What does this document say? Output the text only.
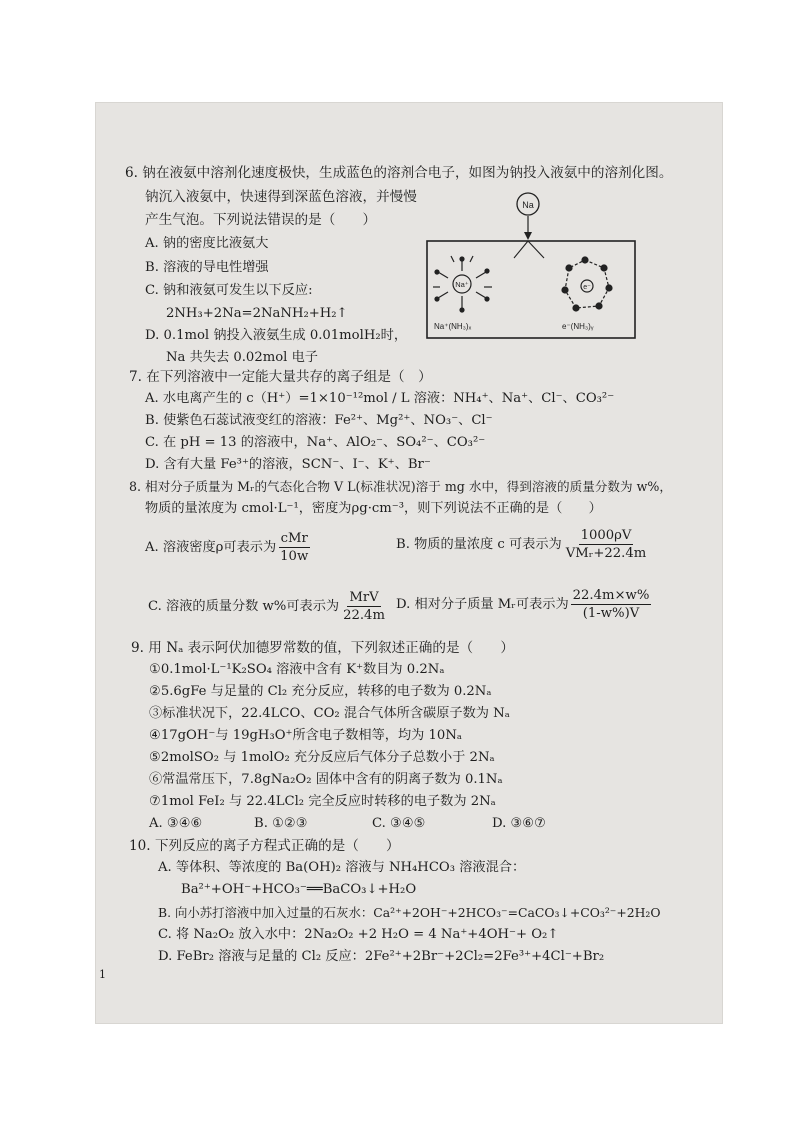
6. 钠在液氨中溶剂化速度极快，生成蓝色的溶剂合电子，如图为钠投入液氨中的溶剂化图。
钠沉入液氨中，快速得到深蓝色溶液，并慢慢
产生气泡。下列说法错误的是（　　）
A. 钠的密度比液氨大
B. 溶液的导电性增强
C. 钠和液氨可发生以下反应:
2NH₃+2Na=2NaNH₂+H₂↑
D. 0.1mol 钠投入液氨生成 0.01molH₂时，
Na 共失去 0.02mol 电子
Na
Na⁺
Na⁺(NH₃)ₓ
e⁻
e⁻(NH₃)ᵧ
7. 在下列溶液中一定能大量共存的离子组是（　）
A. 水电离产生的 c（H⁺）=1×10⁻¹²mol / L 溶液：NH₄⁺、Na⁺、Cl⁻、CO₃²⁻
B. 使紫色石蕊试液变红的溶液：Fe²⁺、Mg²⁺、NO₃⁻、Cl⁻
C. 在 pH = 13 的溶液中，Na⁺、AlO₂⁻、SO₄²⁻、CO₃²⁻
D. 含有大量 Fe³⁺的溶液，SCN⁻、I⁻、K⁺、Br⁻
8. 相对分子质量为 Mᵣ的气态化合物 V L(标准状况)溶于 mg 水中，得到溶液的质量分数为 w%，
物质的量浓度为 cmol·L⁻¹，密度为ρg·cm⁻³，则下列说法不正确的是（　　）
A. 溶液密度ρ可表示为 $\frac{\text{cMr}}{10w}$	B. 物质的量浓度 c 可表示为 $\frac{1000\rho V}{\text{VMᵣ+22.4m}}$
C. 溶液的质量分数 w%可表示为 $\frac{\text{MrV}}{22.4m} D$. 相对分子质量 Mᵣ可表示为 $\frac{22.4m\times w\%}{(1-w\%)V}$
9. 用 Nₐ 表示阿伏加德罗常数的值，下列叙述正确的是（　　）
①0.1mol·L⁻¹K₂SO₄ 溶液中含有 K⁺数目为 0.2Nₐ
②5.6gFe 与足量的 Cl₂ 充分反应，转移的电子数为 0.2Nₐ
③标准状况下，22.4LCO、CO₂ 混合气体所含碳原子数为 Nₐ
④17gOH⁻与 19gH₃O⁺所含电子数相等，均为 10Nₐ
⑤2molSO₂ 与 1molO₂ 充分反应后气体分子总数小于 2Nₐ
⑥常温常压下，7.8gNa₂O₂ 固体中含有的阴离子数为 0.1Nₐ
⑦1mol FeI₂ 与 22.4LCl₂ 完全反应时转移的电子数为 2Nₐ
A. ③④⑥	B. ①②③	C. ③④⑤	D. ③⑥⑦
10. 下列反应的离子方程式正确的是（　　）
A. 等体积、等浓度的 Ba(OH)₂ 溶液与 NH₄HCO₃ 溶液混合：
Ba²⁺+OH⁻+HCO₃⁻══BaCO₃↓+H₂O
B. 向小苏打溶液中加入过量的石灰水：Ca²⁺+2OH⁻+2HCO₃⁻=CaCO₃↓+CO₃²⁻+2H₂O
C. 将 Na₂O₂ 放入水中：2Na₂O₂ +2 H₂O = 4 Na⁺+4OH⁻+ O₂↑
D. FeBr₂ 溶液与足量的 Cl₂ 反应：2Fe²⁺+2Br⁻+2Cl₂=2Fe³⁺+4Cl⁻+Br₂
1
